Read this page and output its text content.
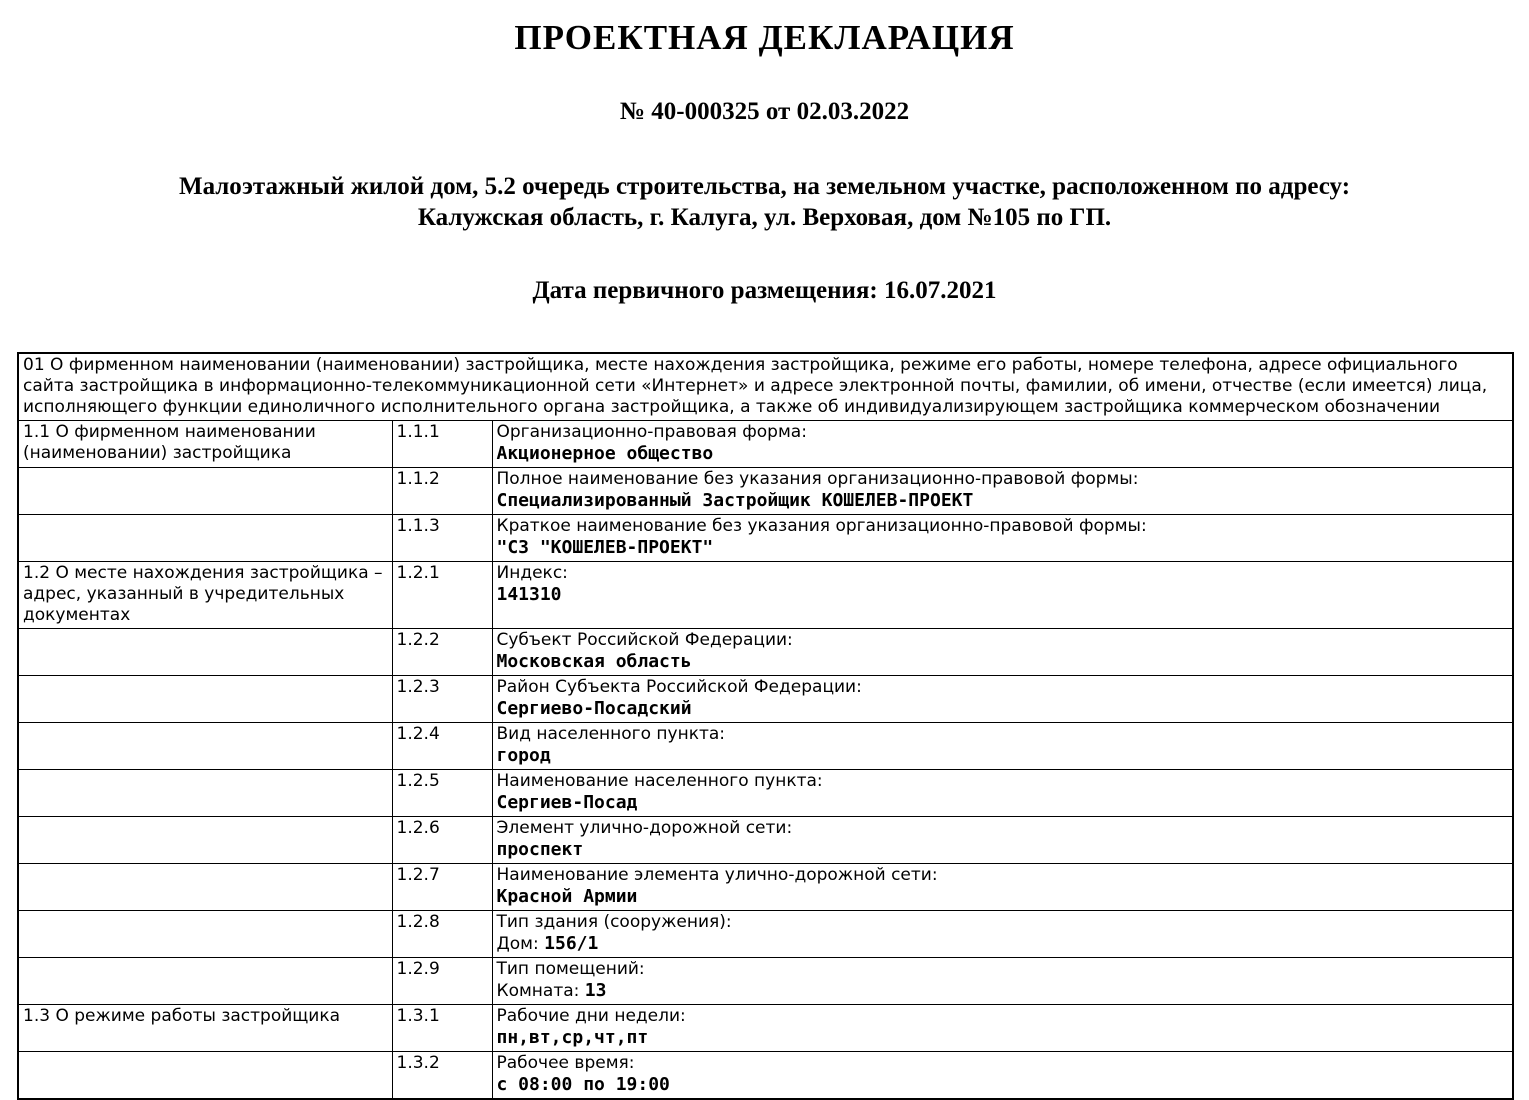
ПРОЕКТНАЯ ДЕКЛАРАЦИЯ
№ 40-000325 от 02.03.2022
Малоэтажный жилой дом, 5.2 очередь строительства, на земельном участке, расположенном по адресу:
Калужская область, г. Калуга, ул. Верховая, дом №105 по ГП.
Дата первичного размещения: 16.07.2021
01 О фирменном наименовании (наименовании) застройщика, месте нахождения застройщика, режиме его работы, номере телефона, адресе официального сайта застройщика в информационно-телекоммуникационной сети «Интернет» и адресе электронной почты, фамилии, об имени, отчестве (если имеется) лица, исполняющего функции единоличного исполнительного органа застройщика, а также об индивидуализирующем застройщика коммерческом обозначении		
1.1 О фирменном наименовании (наименовании) застройщика	1.1.1	Организационно-правовая форма:
Акционерное общество

	1.1.2	Полное наименование без указания организационно-правовой формы:
Специализированный Застройщик КОШЕЛЕВ-ПРОЕКТ

	1.1.3	Краткое наименование без указания организационно-правовой формы:
"СЗ "КОШЕЛЕВ-ПРОЕКТ"

1.2 О месте нахождения застройщика – адрес, указанный в учредительных документах	1.2.1	Индекс:
141310

	1.2.2	Субъект Российской Федерации:
Московская область

	1.2.3	Район Субъекта Российской Федерации:
Сергиево-Посадский

	1.2.4	Вид населенного пункта:
город

	1.2.5	Наименование населенного пункта:
Сергиев-Посад

	1.2.6	Элемент улично-дорожной сети:
проспект

	1.2.7	Наименование элемента улично-дорожной сети:
Красной Армии

	1.2.8	Тип здания (сооружения):
Дом: 156/1

	1.2.9	Тип помещений:
Комната: 13

1.3 О режиме работы застройщика	1.3.1	Рабочие дни недели:
пн,вт,ср,чт,пт

	1.3.2	Рабочее время:
с 08:00 по 19:00
